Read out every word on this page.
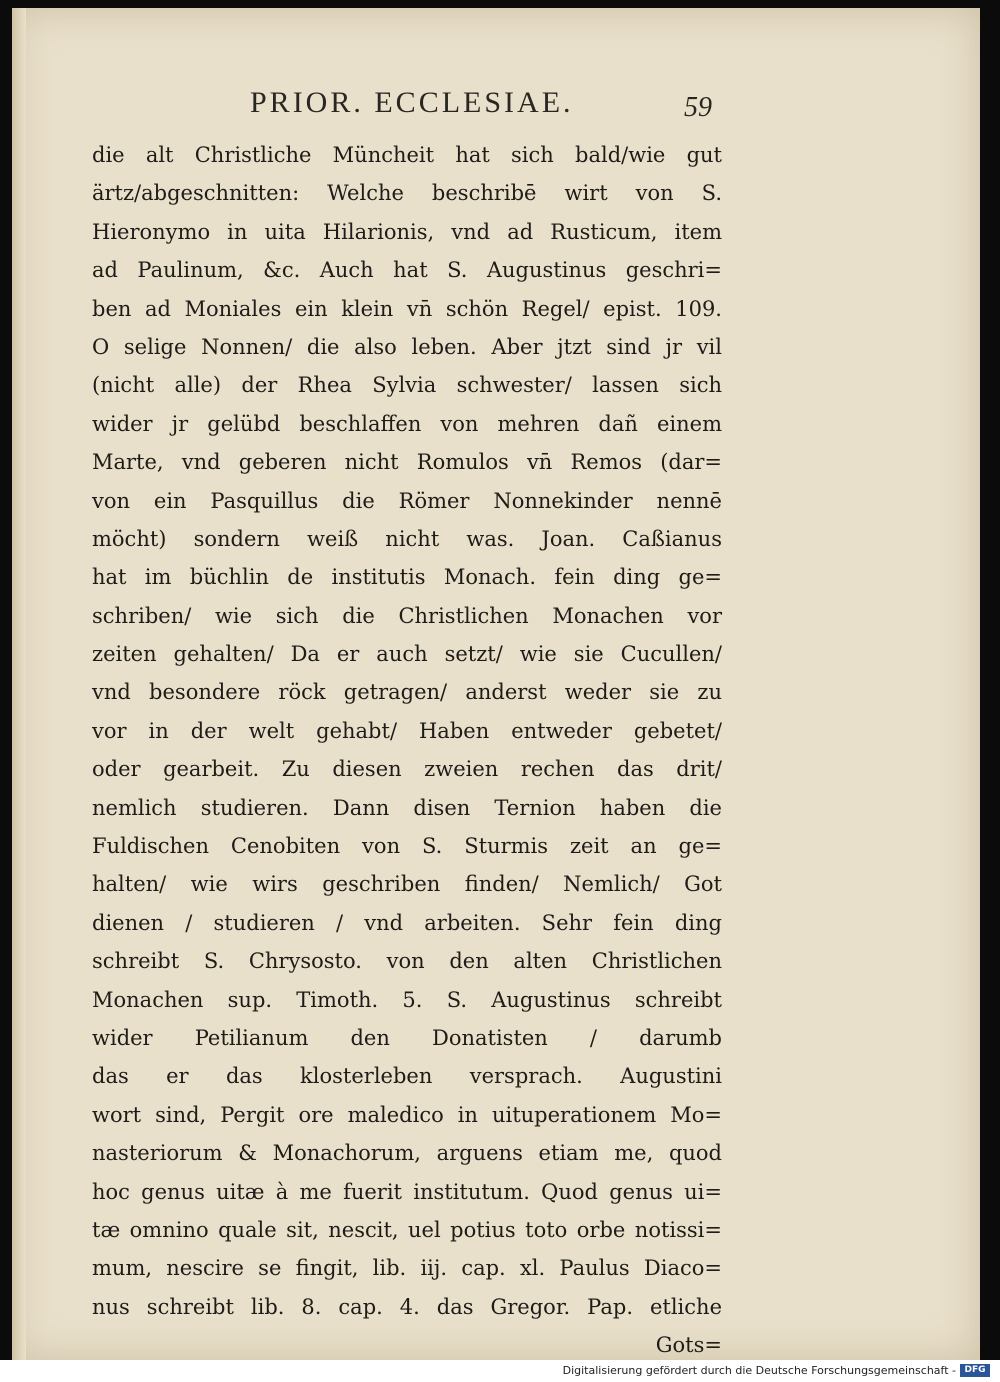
PRIOR. ECCLESIAE.	59
die alt Christliche Müncheit hat sich bald/wie gut
ärtz/abgeschnitten: Welche beschribē wirt von S.
Hieronymo in uita Hilarionis, vnd ad Rusticum, item
ad Paulinum, &c. Auch hat S. Augustinus geschri=
ben ad Moniales ein klein vn̄ schön Regel/ epist. 109.
O selige Nonnen/ die also leben. Aber jtzt sind jr vil
(nicht alle) der Rhea Sylvia schwester/ lassen sich
wider jr gelübd beschlaffen von mehren dañ einem
Marte, vnd geberen nicht Romulos vn̄ Remos (dar=
von ein Pasquillus die Römer Nonnekinder nennē
möcht) sondern weiß nicht was. Joan. Caßianus
hat im büchlin de institutis Monach. fein ding ge=
schriben/ wie sich die Christlichen Monachen vor
zeiten gehalten/ Da er auch setzt/ wie sie Cucullen/
vnd besondere röck getragen/ anderst weder sie zu
vor in der welt gehabt/ Haben entweder gebetet/
oder gearbeit. Zu diesen zweien rechen das drit/
nemlich studieren. Dann disen Ternion haben die
Fuldischen Cenobiten von S. Sturmis zeit an ge=
halten/ wie wirs geschriben finden/ Nemlich/ Got
dienen / studieren / vnd arbeiten. Sehr fein ding
schreibt S. Chrysosto. von den alten Christlichen
Monachen sup. Timoth. 5. S. Augustinus schreibt
wider Petilianum den Donatisten / darumb
das er das klosterleben versprach. Augustini
wort sind, Pergit ore maledico in uituperationem Mo=
nasteriorum & Monachorum, arguens etiam me, quod
hoc genus uitæ à me fuerit institutum. Quod genus ui=
tæ omnino quale sit, nescit, uel potius toto orbe notissi=
mum, nescire se fingit, lib. iij. cap. xl. Paulus Diaco=
nus schreibt lib. 8. cap. 4. das Gregor. Pap. etliche
Gots=
Digitalisierung gefördert durch die Deutsche Forschungsgemeinschaft - DFG
